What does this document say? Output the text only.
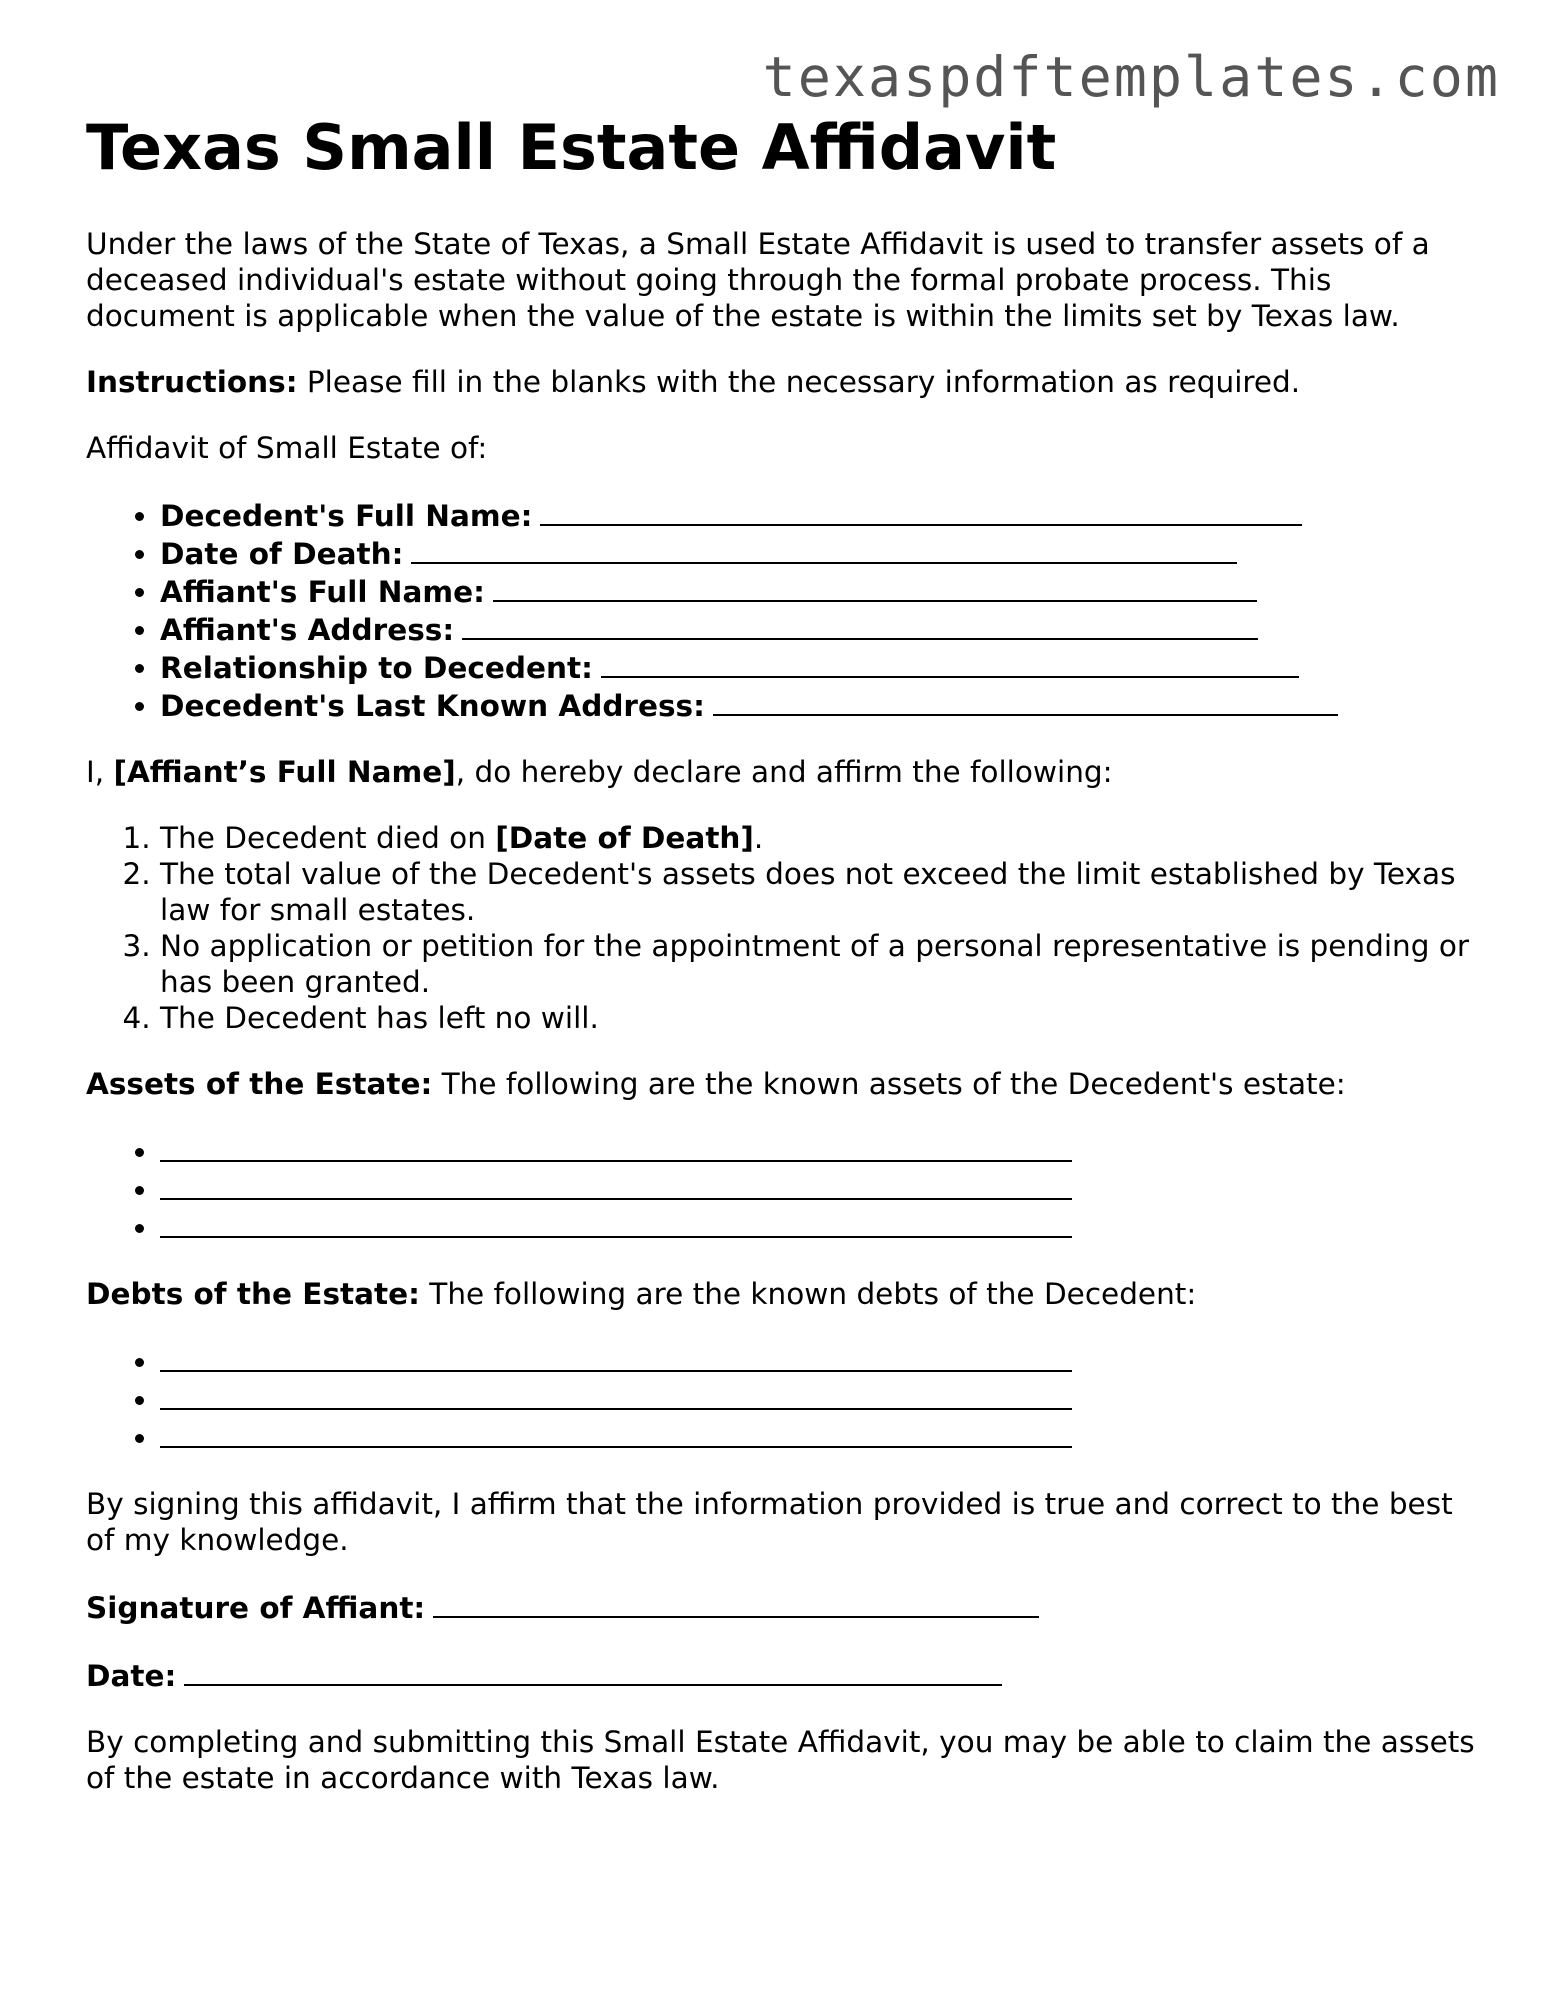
texaspdftemplates.com
Texas Small Estate Affidavit

Under the laws of the State of Texas, a Small Estate Affidavit is used to transfer assets of a deceased individual's estate without going through the formal probate process. This document is applicable when the value of the estate is within the limits set by Texas law.

Instructions: Please fill in the blanks with the necessary information as required.

Affidavit of Small Estate of:

• Decedent's Full Name:
• Date of Death:
• Affiant's Full Name:
• Affiant's Address:
• Relationship to Decedent:
• Decedent's Last Known Address:

I, [Affiant’s Full Name], do hereby declare and affirm the following:

1. The Decedent died on [Date of Death].
2. The total value of the Decedent's assets does not exceed the limit established by Texas law for small estates.
3. No application or petition for the appointment of a personal representative is pending or has been granted.
4. The Decedent has left no will.

Assets of the Estate: The following are the known assets of the Decedent's estate:

•
•
•

Debts of the Estate: The following are the known debts of the Decedent:

•
•
•

By signing this affidavit, I affirm that the information provided is true and correct to the best of my knowledge.

Signature of Affiant:

Date:

By completing and submitting this Small Estate Affidavit, you may be able to claim the assets of the estate in accordance with Texas law.
